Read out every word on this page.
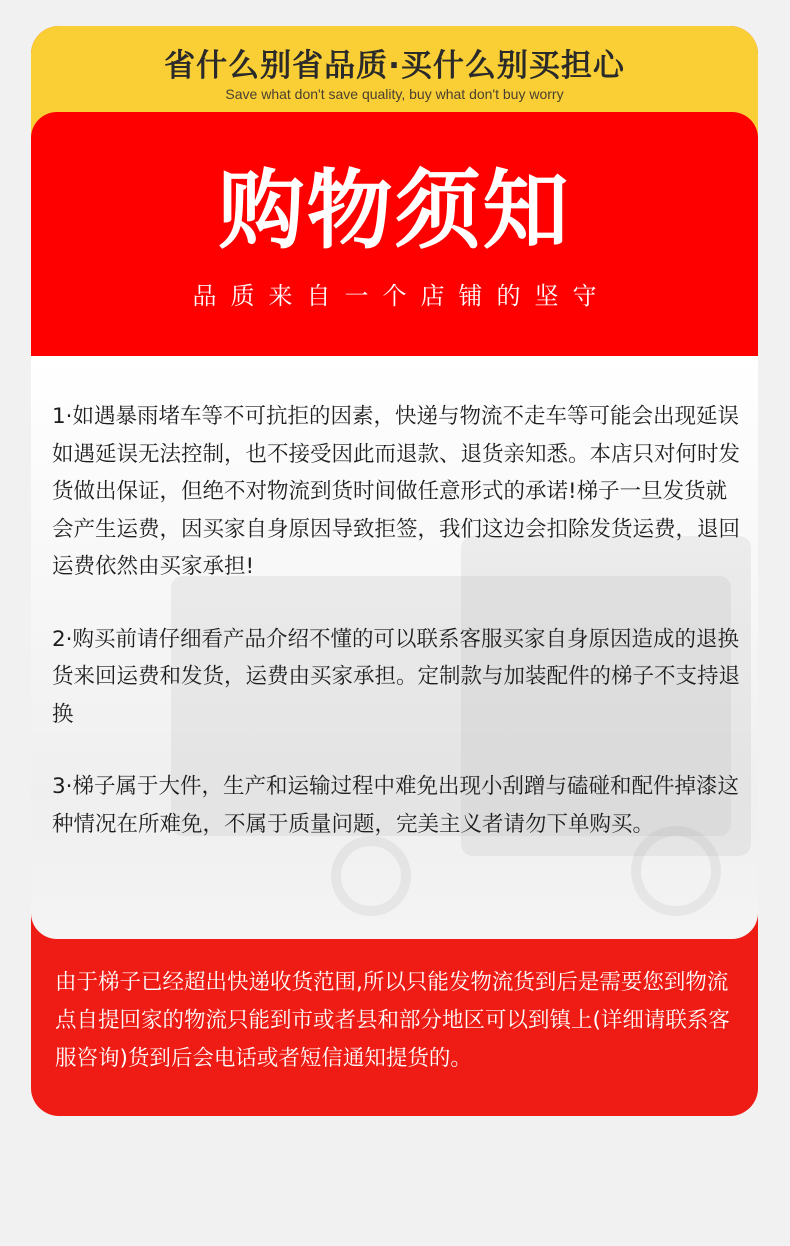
省什么别省品质·买什么别买担心
Save what don't save quality, buy what don't buy worry
购物须知
品质来自一个店铺的坚守
1·如遇暴雨堵车等不可抗拒的因素，快递与物流不走车等可能会出现延误如遇延误无法控制，也不接受因此而退款、退货亲知悉。本店只对何时发货做出保证，但绝不对物流到货时间做任意形式的承诺!梯子一旦发货就会产生运费，因买家自身原因导致拒签，我们这边会扣除发货运费，退回运费依然由买家承担!
2·购买前请仔细看产品介绍不懂的可以联系客服买家自身原因造成的退换货来回运费和发货，运费由买家承担。定制款与加装配件的梯子不支持退换
3·梯子属于大件，生产和运输过程中难免出现小刮蹭与磕碰和配件掉漆这种情况在所难免，不属于质量问题，完美主义者请勿下单购买。
由于梯子已经超出快递收货范围,所以只能发物流货到后是需要您到物流点自提回家的物流只能到市或者县和部分地区可以到镇上(详细请联系客服咨询)货到后会电话或者短信通知提货的。
